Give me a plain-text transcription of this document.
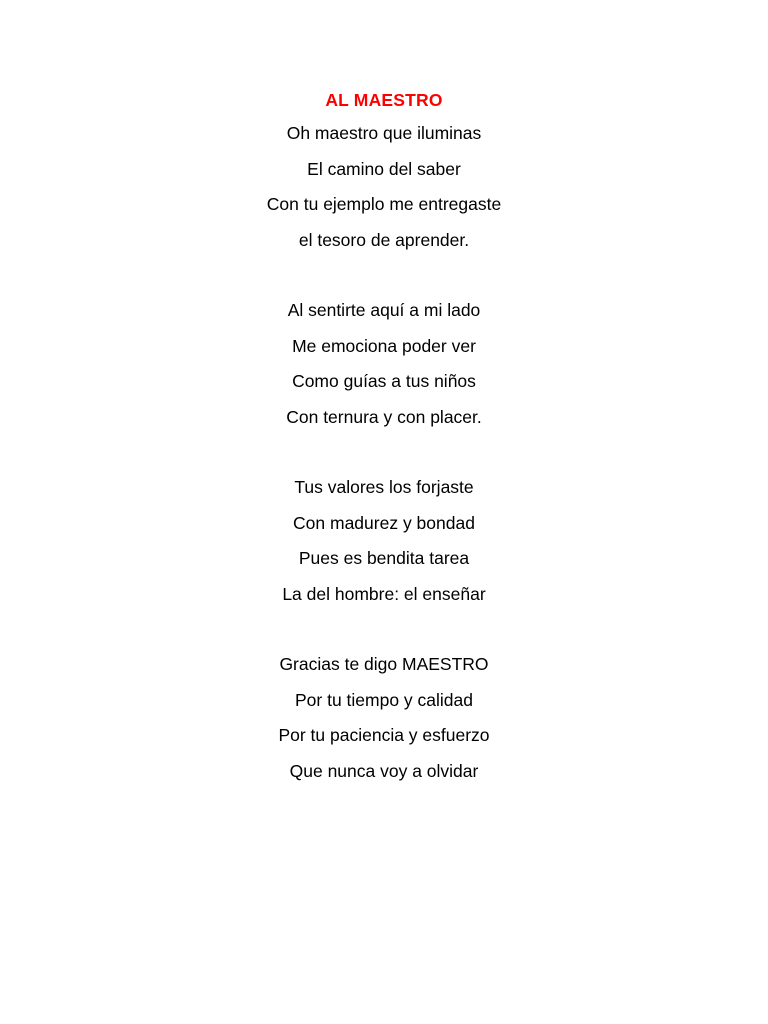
AL MAESTRO
Oh maestro que iluminas
El camino del saber
Con tu ejemplo me entregaste
el tesoro de aprender.
Al sentirte aquí a mi lado
Me emociona poder ver
Como guías a tus niños
Con ternura y con placer.
Tus valores los forjaste
Con madurez y bondad
Pues es bendita tarea
La del hombre: el enseñar
Gracias te digo MAESTRO
Por tu tiempo y calidad
Por tu paciencia y esfuerzo
Que nunca voy a olvidar
